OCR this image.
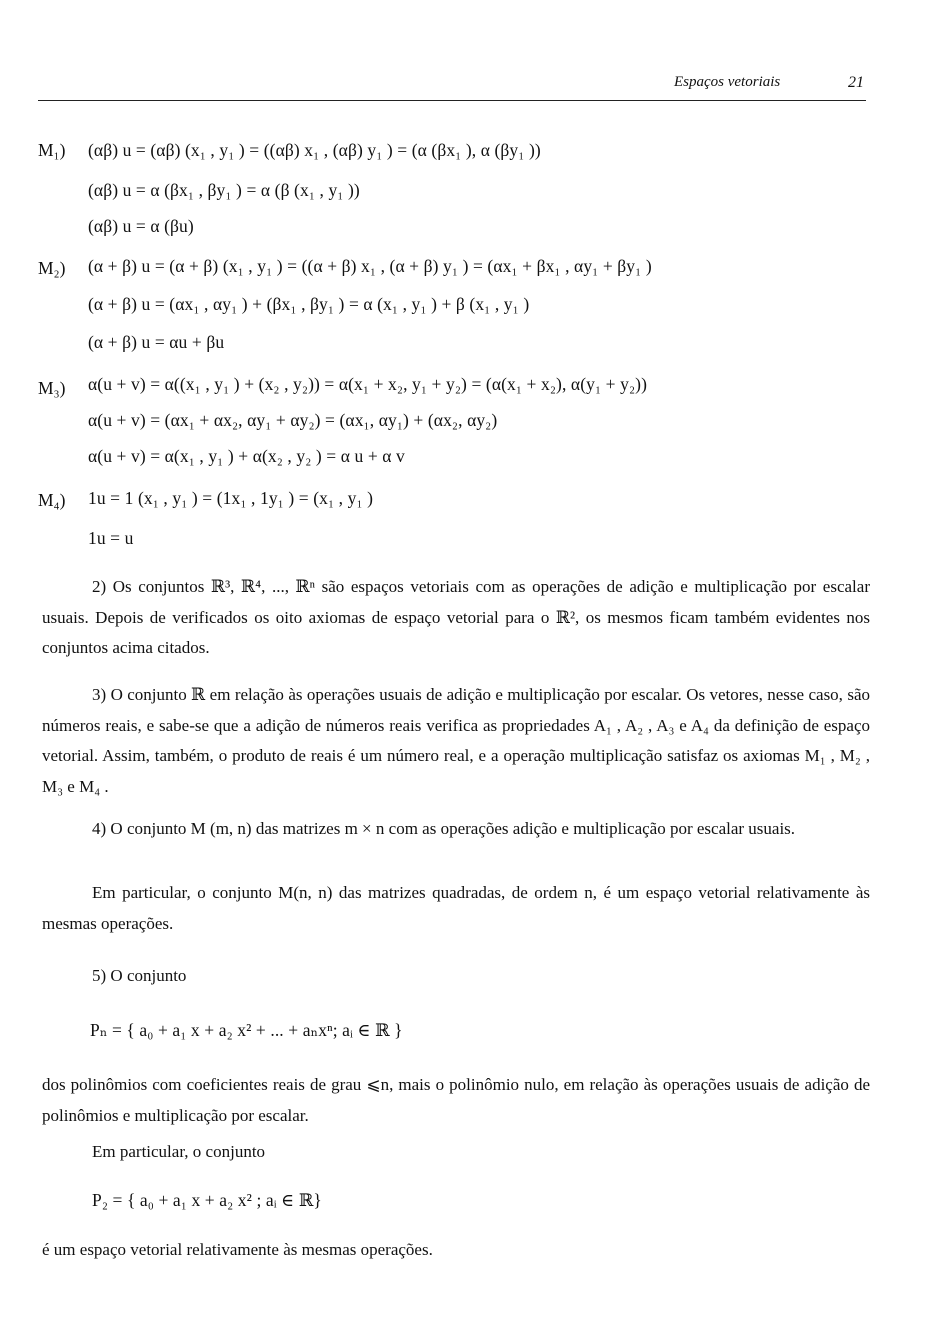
Espaços vetoriais	21
M₁) (αβ) u = (αβ) (x₁ , y₁ ) = ((αβ) x₁ , (αβ) y₁ ) = (α (βx₁ ), α (βy₁ ))
(αβ) u = α (βx₁ , βy₁ ) = α (β (x₁ , y₁ ))
(αβ) u = α (βu)
M₂) (α + β) u = (α + β) (x₁ , y₁ ) = ((α + β) x₁ , (α + β) y₁ ) = (αx₁ + βx₁ , αy₁ + βy₁ )
(α + β) u = (αx₁ , αy₁ ) + (βx₁ , βy₁ ) = α (x₁ , y₁ ) + β (x₁ , y₁ )
(α + β) u = αu + βu
M₃) α(u + v) = α((x₁ , y₁ ) + (x₂ , y₂)) = α(x₁ + x₂, y₁ + y₂) = (α(x₁ + x₂), α(y₁ + y₂))
α(u + v) = (αx₁ + αx₂, αy₁ + αy₂) = (αx₁, αy₁) + (αx₂, αy₂)
α(u + v) = α(x₁ , y₁ ) + α(x₂ , y₂ ) = α u + α v
M₄) 1u = 1 (x₁ , y₁ ) = (1x₁ , 1y₁ ) = (x₁ , y₁ )
1u = u
2) Os conjuntos ℝ³, ℝ⁴, ..., ℝⁿ são espaços vetoriais com as operações de adição e multiplicação por escalar usuais. Depois de verificados os oito axiomas de espaço vetorial para o ℝ², os mesmos ficam também evidentes nos conjuntos acima citados.
3) O conjunto ℝ em relação às operações usuais de adição e multiplicação por escalar. Os vetores, nesse caso, são números reais, e sabe-se que a adição de números reais verifica as propriedades A₁ , A₂ , A₃ e A₄ da definição de espaço vetorial. Assim, também, o produto de reais é um número real, e a operação multiplicação satisfaz os axiomas M₁ , M₂ , M₃ e M₄ .
4) O conjunto M (m, n) das matrizes m × n com as operações adição e multiplicação por escalar usuais.
Em particular, o conjunto M(n, n) das matrizes quadradas, de ordem n, é um espaço vetorial relativamente às mesmas operações.
5) O conjunto
Pₙ = { a₀ + a₁ x + a₂ x² + ... + aₙxⁿ; aᵢ ∈ ℝ }
dos polinômios com coeficientes reais de grau ⩽n, mais o polinômio nulo, em relação às operações usuais de adição de polinômios e multiplicação por escalar.
Em particular, o conjunto
P₂ = { a₀ + a₁ x + a₂ x² ; aᵢ ∈ ℝ}
é um espaço vetorial relativamente às mesmas operações.
